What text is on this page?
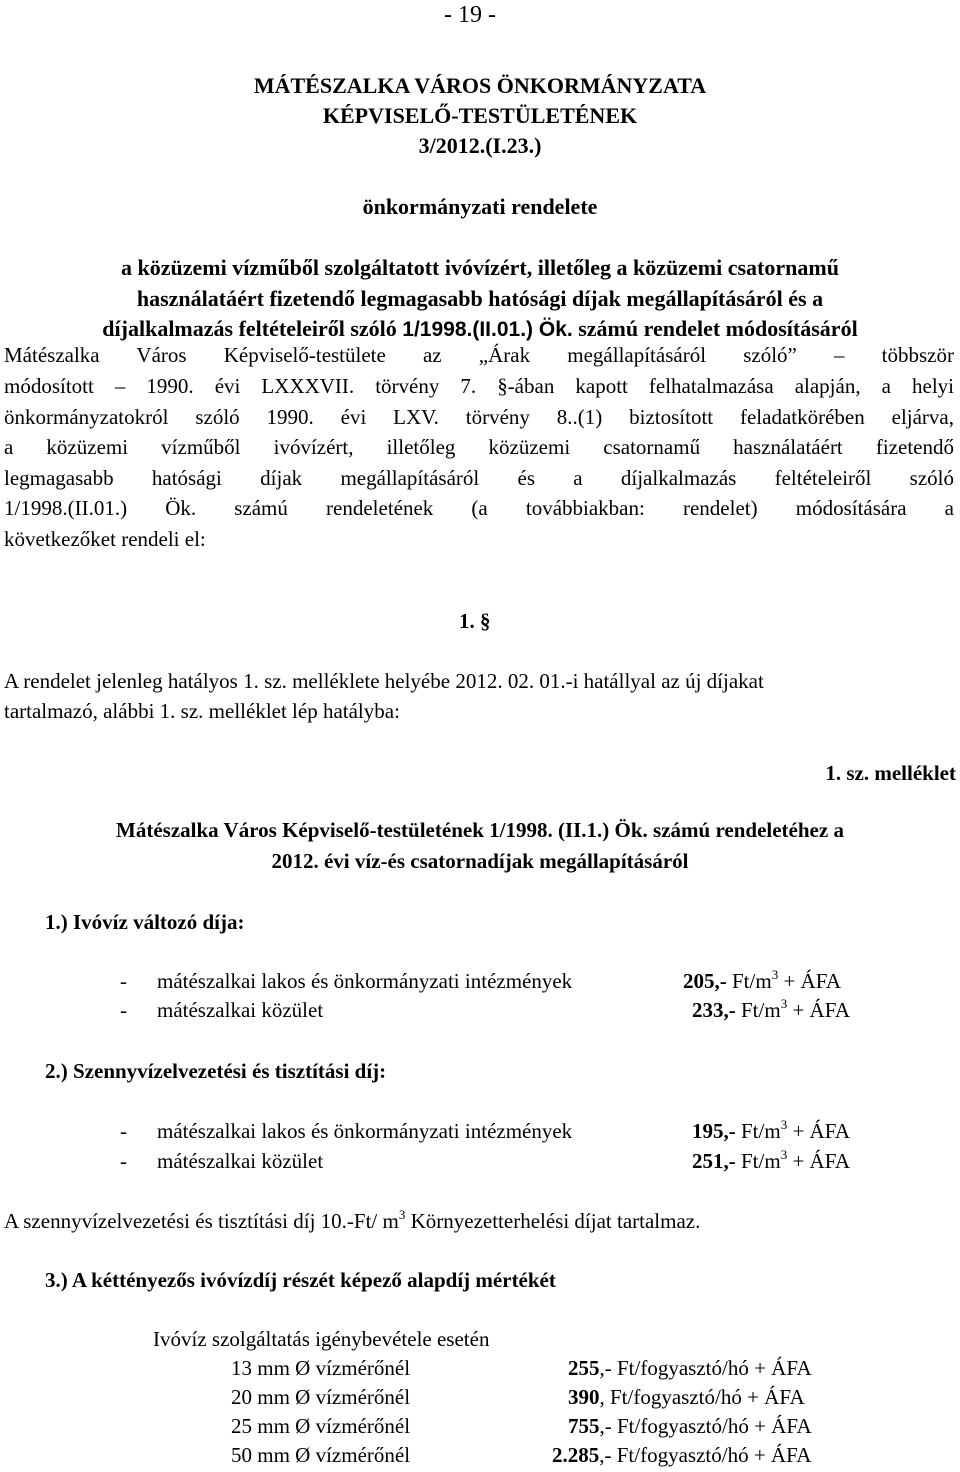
- 19 -
MÁTÉSZALKA VÁROS ÖNKORMÁNYZATA
KÉPVISELŐ-TESTÜLETÉNEK
3/2012.(I.23.)
önkormányzati rendelete
a közüzemi vízműből szolgáltatott ivóvízért, illetőleg a közüzemi csatornamű
használatáért fizetendő legmagasabb hatósági díjak megállapításáról és a
díjalkalmazás feltételeiről szóló 1/1998.(II.01.) Ök. számú rendelet módosításáról
Mátészalka Város Képviselő-testülete az „Árak megállapításáról szóló” – többször
módosított – 1990. évi LXXXVII. törvény 7. §-ában kapott felhatalmazása alapján, a helyi
önkormányzatokról szóló 1990. évi LXV. törvény 8..(1) biztosított feladatkörében eljárva,
a közüzemi vízműből ivóvízért, illetőleg közüzemi csatornamű használatáért fizetendő
legmagasabb hatósági díjak megállapításáról és a díjalkalmazás feltételeiről szóló
1/1998.(II.01.) Ök. számú rendeletének (a továbbiakban: rendelet) módosítására a
következőket rendeli el:
1. §
A rendelet jelenleg hatályos 1. sz. melléklete helyébe 2012. 02. 01.-i hatállyal az új díjakat
tartalmazó, alábbi 1. sz. melléklet lép hatályba:
1. sz. melléklet
Mátészalka Város Képviselő-testületének 1/1998. (II.1.) Ök. számú rendeletéhez a
2012. évi víz-és csatornadíjak megállapításáról
1.) Ivóvíz változó díja:
- mátészalkai lakos és önkormányzati intézmények	205,- $Ft/m^3$ + ÁFA
- mátészalkai közület	233,- $Ft/m^3$ + ÁFA
2.) Szennyvízelvezetési és tisztítási díj:
- mátészalkai lakos és önkormányzati intézmények	195,- $Ft/m^3$ + ÁFA
- mátészalkai közület	251,- $Ft/m^3$ + ÁFA
A szennyvízelvezetési és tisztítási díj 10.-Ft/ $m^3$ Környezetterhelési díjat tartalmaz.
3.) A kéttényezős ivóvízdíj részét képező alapdíj mértékét
Ivóvíz szolgáltatás igénybevétele esetén
13 mm Ø vízmérőnél	255,- Ft/fogyasztó/hó + ÁFA
20 mm Ø vízmérőnél	390, Ft/fogyasztó/hó + ÁFA
25 mm Ø vízmérőnél	755,- Ft/fogyasztó/hó + ÁFA
50 mm Ø vízmérőnél	2.285,- Ft/fogyasztó/hó + ÁFA
